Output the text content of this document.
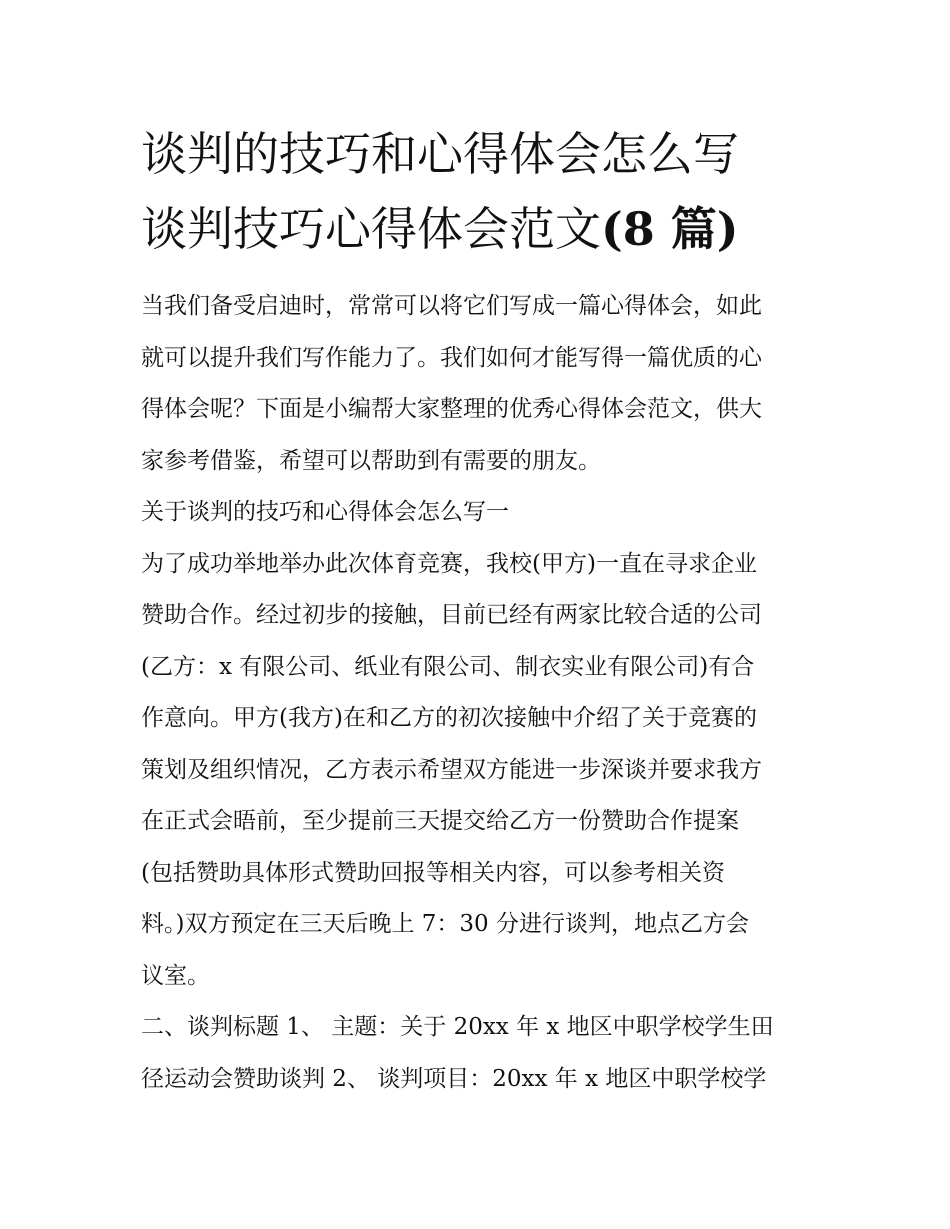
谈判的技巧和心得体会怎么写
谈判技巧心得体会范文(8 篇)
当我们备受启迪时，常常可以将它们写成一篇心得体会，如此
就可以提升我们写作能力了。我们如何才能写得一篇优质的心
得体会呢？下面是小编帮大家整理的优秀心得体会范文，供大
家参考借鉴，希望可以帮助到有需要的朋友。
关于谈判的技巧和心得体会怎么写一
为了成功举地举办此次体育竞赛，我校(甲方)一直在寻求企业
赞助合作。经过初步的接触，目前已经有两家比较合适的公司
(乙方：x 有限公司、纸业有限公司、制衣实业有限公司)有合
作意向。甲方(我方)在和乙方的初次接触中介绍了关于竞赛的
策划及组织情况，乙方表示希望双方能进一步深谈并要求我方
在正式会晤前，至少提前三天提交给乙方一份赞助合作提案
(包括赞助具体形式赞助回报等相关内容，可以参考相关资
料。)双方预定在三天后晚上 7：30 分进行谈判，地点乙方会
议室。
二、谈判标题 1、 主题：关于 20xx 年 x 地区中职学校学生田
径运动会赞助谈判 2、 谈判项目：20xx 年 x 地区中职学校学
